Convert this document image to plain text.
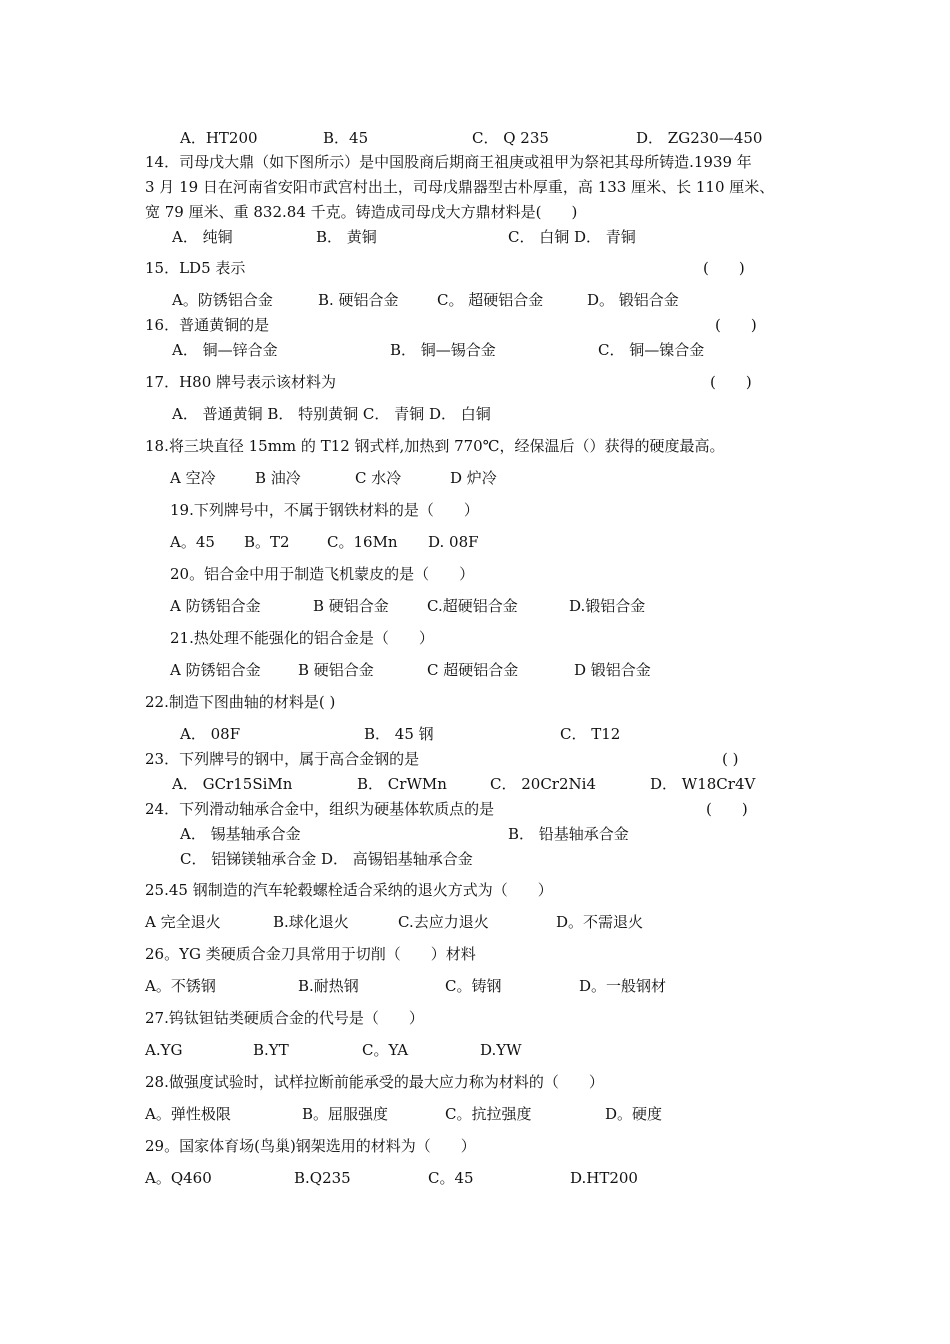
A．HT200	B．45	C． Q 235	D． ZG230—450
14．司母戊大鼎（如下图所示）是中国股商后期商王祖庚或祖甲为祭祀其母所铸造.1939 年
3 月 19 日在河南省安阳市武宫村出土，司母戊鼎器型古朴厚重，高 133 厘米、长 110 厘米、
宽 79 厘米、重 832.84 千克。铸造成司母戊大方鼎材料是(　　)
A． 纯铜	B． 黄铜	C． 白铜 D． 青铜
15．LD5 表示	(　　)
A。防锈铝合金	B. 硬铝合金	C。 超硬铝合金	D。 锻铝合金
16．普通黄铜的是	(　　)
A． 铜—锌合金	B． 铜—锡合金	C． 铜—镍合金
17．H80 牌号表示该材料为	(　　)
A． 普通黄铜 B． 特别黄铜 C． 青铜 D． 白铜
18.将三块直径 15mm 的 T12 钢式样,加热到 770℃，经保温后（）获得的硬度最高。
A 空冷	B 油冷	C 水冷	D 炉冷
19.下列牌号中，不属于钢铁材料的是（　　）
A。45 B。T2 C。16Mn D. 08F
20。铝合金中用于制造飞机蒙皮的是（　　）
A 防锈铝合金	B 硬铝合金	C.超硬铝合金	D.锻铝合金
21.热处理不能强化的铝合金是（　　）
A 防锈铝合金 B 硬铝合金	C 超硬铝合金	D 锻铝合金
22.制造下图曲轴的材料是( )
A． 08F	B． 45 钢	C． T12
23．下列牌号的钢中，属于高合金钢的是	( )
A． GCr15SiMn	B． CrWMn	C． 20Cr2Ni4	D． W18Cr4V
24．下列滑动轴承合金中，组织为硬基体软质点的是	(　　)
A． 锡基轴承合金	B． 铅基轴承合金
C． 铝锑镁轴承合金 D． 高锡铝基轴承合金
25.45 钢制造的汽车轮毂螺栓适合采纳的退火方式为（　　）
A 完全退火	B.球化退火	C.去应力退火	D。不需退火
26。YG 类硬质合金刀具常用于切削（　　）材料
A。不锈钢	B.耐热钢	C。铸钢	D。一般钢材
27.钨钛钽钴类硬质合金的代号是（　　）
A.YG	B.YT	C。YA	D.YW
28.做强度试验时，试样拉断前能承受的最大应力称为材料的（　　）
A。弹性极限	B。屈服强度	C。抗拉强度	D。硬度
29。国家体育场(鸟巢)钢架选用的材料为（　　）
A。Q460	B.Q235	C。45	D.HT200
